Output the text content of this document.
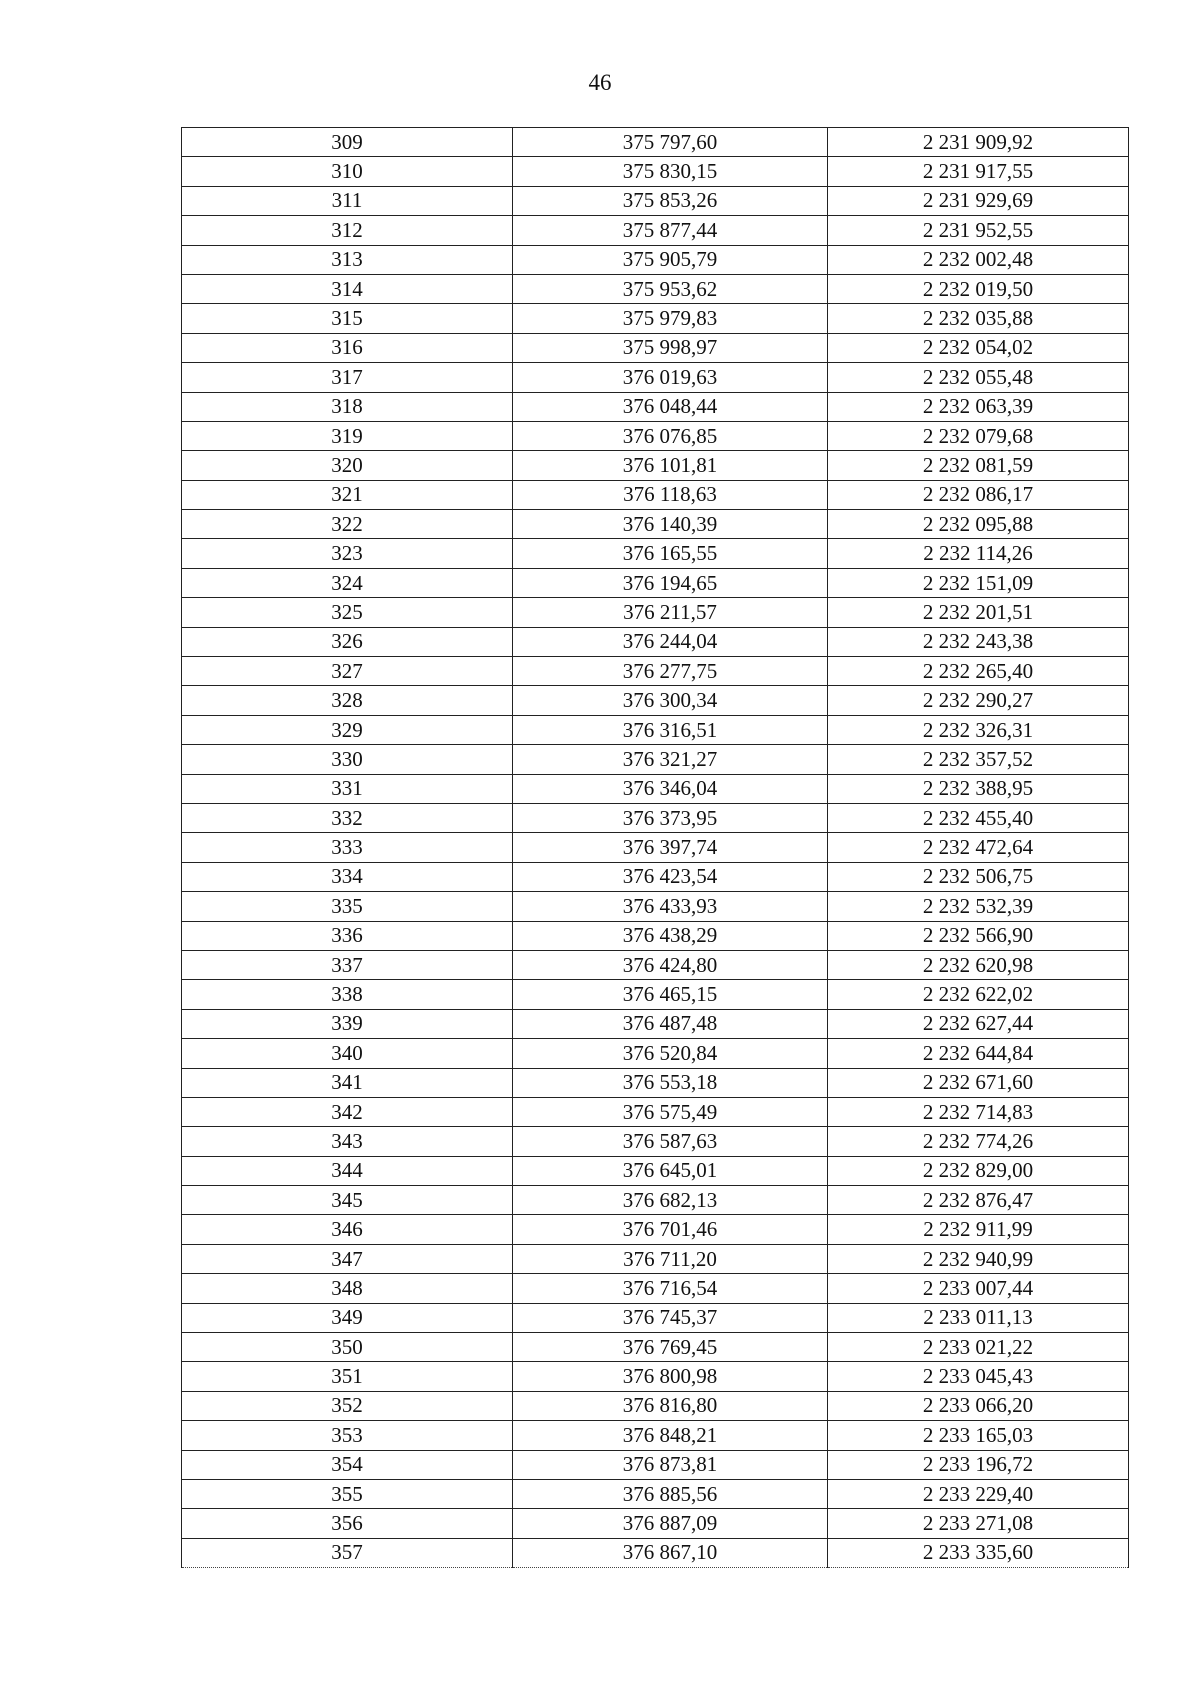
46
309	375 797,60	2 231 909,92
310	375 830,15	2 231 917,55
311	375 853,26	2 231 929,69
312	375 877,44	2 231 952,55
313	375 905,79	2 232 002,48
314	375 953,62	2 232 019,50
315	375 979,83	2 232 035,88
316	375 998,97	2 232 054,02
317	376 019,63	2 232 055,48
318	376 048,44	2 232 063,39
319	376 076,85	2 232 079,68
320	376 101,81	2 232 081,59
321	376 118,63	2 232 086,17
322	376 140,39	2 232 095,88
323	376 165,55	2 232 114,26
324	376 194,65	2 232 151,09
325	376 211,57	2 232 201,51
326	376 244,04	2 232 243,38
327	376 277,75	2 232 265,40
328	376 300,34	2 232 290,27
329	376 316,51	2 232 326,31
330	376 321,27	2 232 357,52
331	376 346,04	2 232 388,95
332	376 373,95	2 232 455,40
333	376 397,74	2 232 472,64
334	376 423,54	2 232 506,75
335	376 433,93	2 232 532,39
336	376 438,29	2 232 566,90
337	376 424,80	2 232 620,98
338	376 465,15	2 232 622,02
339	376 487,48	2 232 627,44
340	376 520,84	2 232 644,84
341	376 553,18	2 232 671,60
342	376 575,49	2 232 714,83
343	376 587,63	2 232 774,26
344	376 645,01	2 232 829,00
345	376 682,13	2 232 876,47
346	376 701,46	2 232 911,99
347	376 711,20	2 232 940,99
348	376 716,54	2 233 007,44
349	376 745,37	2 233 011,13
350	376 769,45	2 233 021,22
351	376 800,98	2 233 045,43
352	376 816,80	2 233 066,20
353	376 848,21	2 233 165,03
354	376 873,81	2 233 196,72
355	376 885,56	2 233 229,40
356	376 887,09	2 233 271,08
357	376 867,10	2 233 335,60
